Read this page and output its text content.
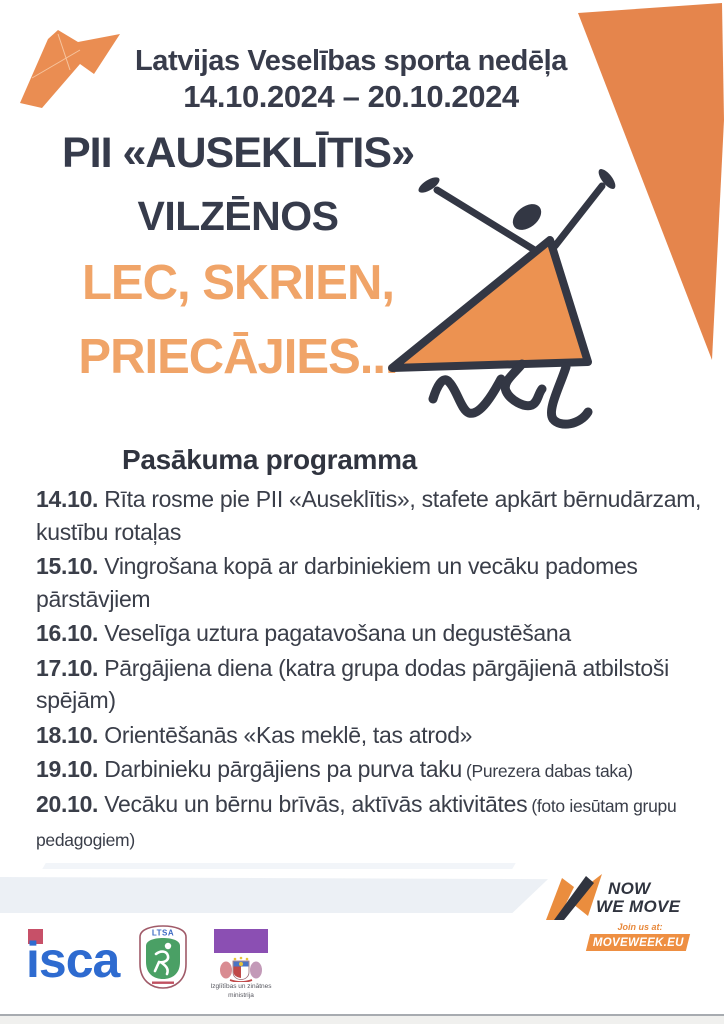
Latvijas Veselības sporta nedēļa
14.10.2024 – 20.10.2024
PII «AUSEKLĪTIS»
VILZĒNOS
LEC, SKRIEN,
PRIECĀJIES...
Pasākuma programma

14.10. Rīta rosme pie PII «Auseklītis», stafete apkārt bērnudārzam, kustību rotaļas

15.10. Vingrošana kopā ar darbiniekiem un vecāku padomes pārstāvjiem

16.10. Veselīga uztura pagatavošana un degustēšana

17.10. Pārgājiena diena (katra grupa dodas pārgājienā atbilstoši spējām)

18.10. Orientēšanās «Kas meklē, tas atrod»

19.10. Darbinieku pārgājiens pa purva taku (Purezera dabas taka)

20.10. Vecāku un bērnu brīvās, aktīvās aktivitātes (foto iesūtam grupu pedagogiem)

isca	LTSA
Izglītības un zinātnes
ministrija
NOW
WE MOVE
Join us at:
MOVEWEEK.EU
